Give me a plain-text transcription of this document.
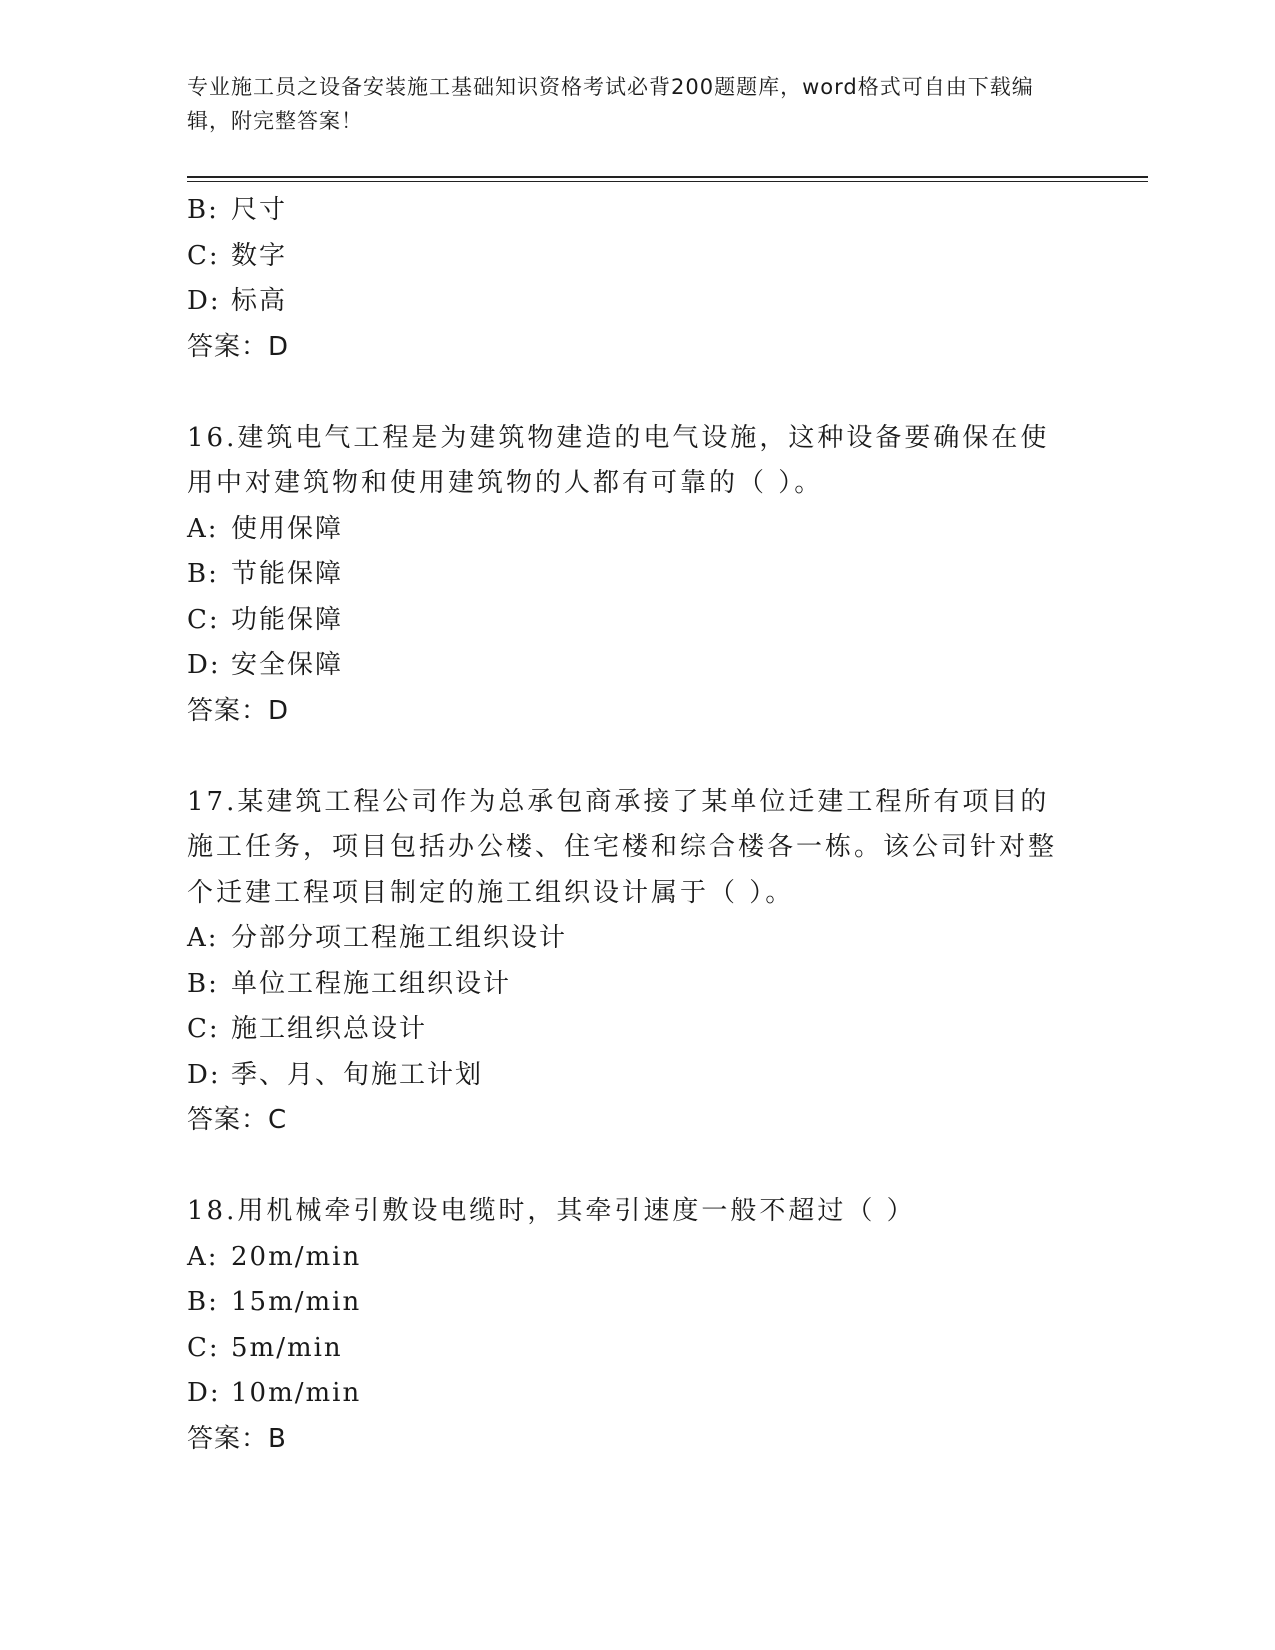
专业施工员之设备安装施工基础知识资格考试必背200题题库，word格式可自由下载编辑，附完整答案！
B: 尺寸
C: 数字
D: 标高
答案：D
16.建筑电气工程是为建筑物建造的电气设施，这种设备要确保在使用中对建筑物和使用建筑物的人都有可靠的（ ）。
A: 使用保障
B: 节能保障
C: 功能保障
D: 安全保障
答案：D
17.某建筑工程公司作为总承包商承接了某单位迁建工程所有项目的施工任务，项目包括办公楼、住宅楼和综合楼各一栋。该公司针对整个迁建工程项目制定的施工组织设计属于（ ）。
A: 分部分项工程施工组织设计
B: 单位工程施工组织设计
C: 施工组织总设计
D: 季、月、旬施工计划
答案：C
18.用机械牵引敷设电缆时，其牵引速度一般不超过（ ）
A: 20m/min
B: 15m/min
C: 5m/min
D: 10m/min
答案：B
